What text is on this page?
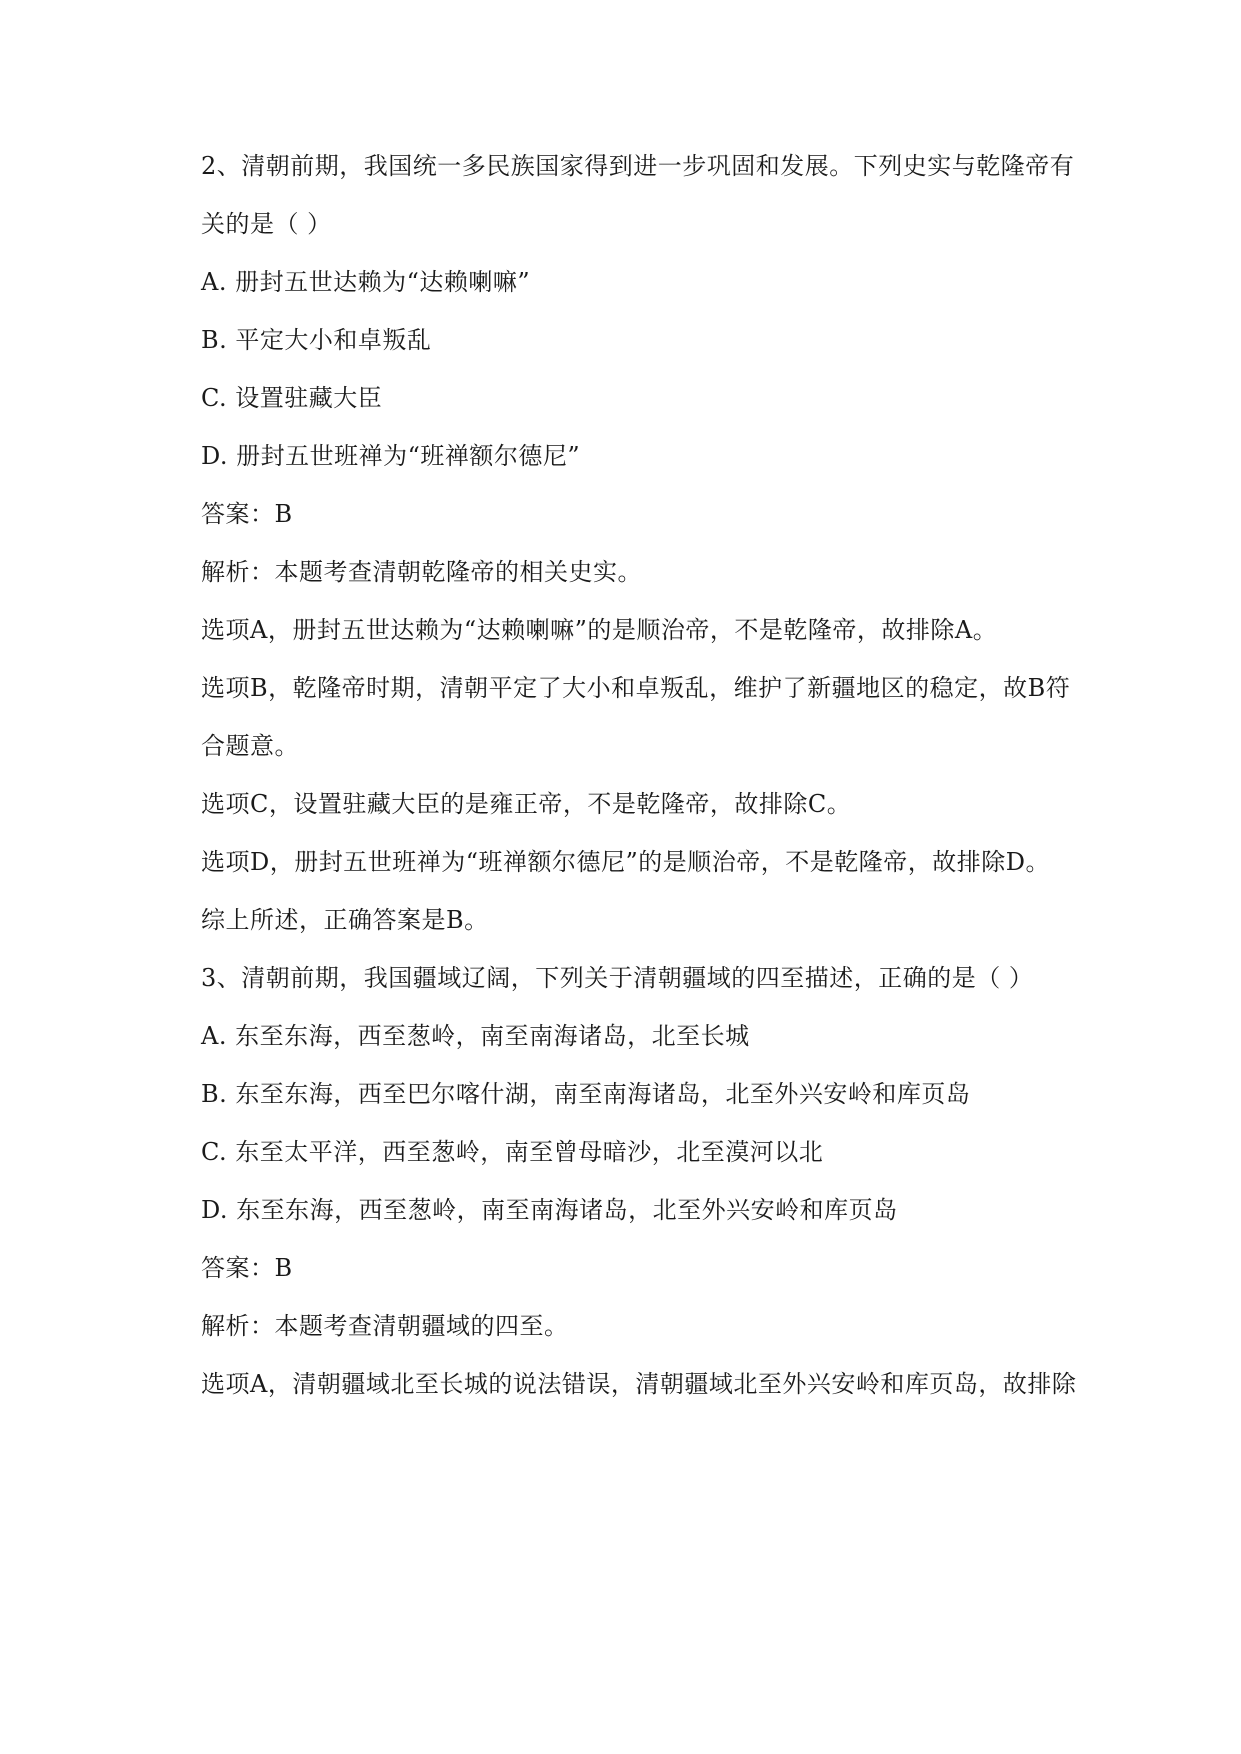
2、清朝前期，我国统一多民族国家得到进一步巩固和发展。下列史实与乾隆帝有
关的是（ ）
A. 册封五世达赖为“达赖喇嘛”
B. 平定大小和卓叛乱
C. 设置驻藏大臣
D. 册封五世班禅为“班禅额尔德尼”
答案：B
解析：本题考查清朝乾隆帝的相关史实。
选项A，册封五世达赖为“达赖喇嘛”的是顺治帝，不是乾隆帝，故排除A。
选项B，乾隆帝时期，清朝平定了大小和卓叛乱，维护了新疆地区的稳定，故B符
合题意。
选项C，设置驻藏大臣的是雍正帝，不是乾隆帝，故排除C。
选项D，册封五世班禅为“班禅额尔德尼”的是顺治帝，不是乾隆帝，故排除D。
综上所述，正确答案是B。
3、清朝前期，我国疆域辽阔，下列关于清朝疆域的四至描述，正确的是（ ）
A. 东至东海，西至葱岭，南至南海诸岛，北至长城
B. 东至东海，西至巴尔喀什湖，南至南海诸岛，北至外兴安岭和库页岛
C. 东至太平洋，西至葱岭，南至曾母暗沙，北至漠河以北
D. 东至东海，西至葱岭，南至南海诸岛，北至外兴安岭和库页岛
答案：B
解析：本题考查清朝疆域的四至。
选项A，清朝疆域北至长城的说法错误，清朝疆域北至外兴安岭和库页岛，故排除
